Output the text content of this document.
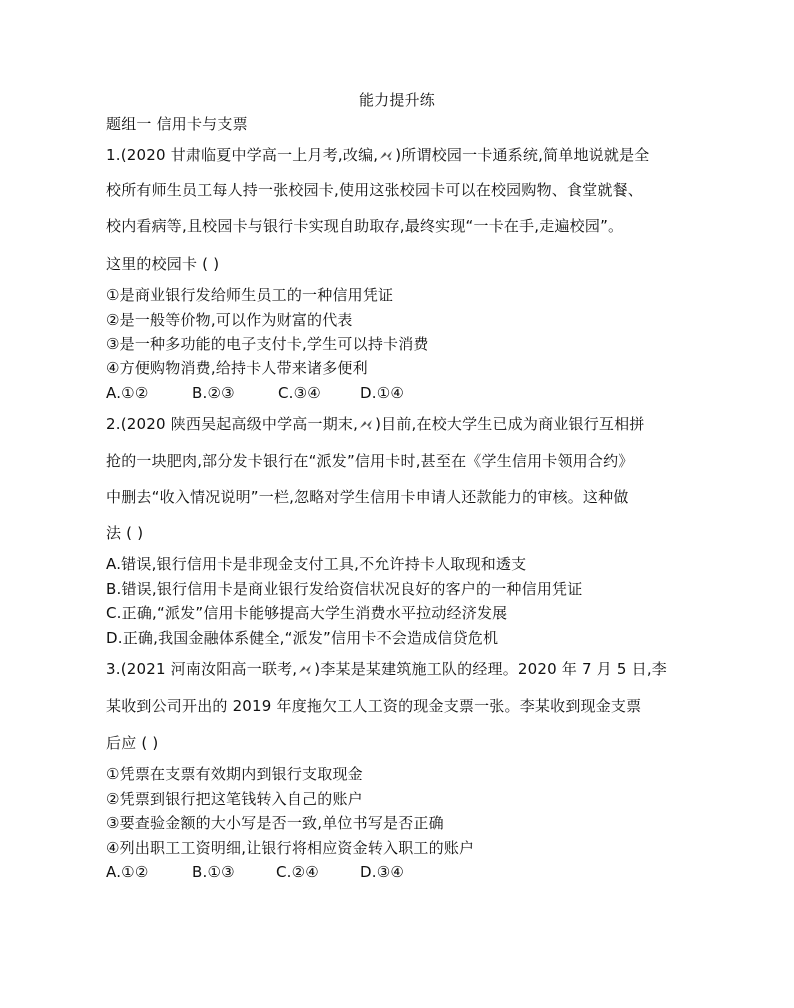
能力提升练
题组一 信用卡与支票
1.(2020 甘肃临夏中学高一上月考,改编, )所谓校园一卡通系统,简单地说就是全
校所有师生员工每人持一张校园卡,使用这张校园卡可以在校园购物、食堂就餐、
校内看病等,且校园卡与银行卡实现自助取存,最终实现“一卡在手,走遍校园”。
这里的校园卡 ( )
①是商业银行发给师生员工的一种信用凭证
②是一般等价物,可以作为财富的代表
③是一种多功能的电子支付卡,学生可以持卡消费
④方便购物消费,给持卡人带来诸多便利
A.①②	B.②③	C.③④	D.①④
2.(2020 陕西吴起高级中学高一期末, )目前,在校大学生已成为商业银行互相拼
抢的一块肥肉,部分发卡银行在“派发”信用卡时,甚至在《学生信用卡领用合约》
中删去“收入情况说明”一栏,忽略对学生信用卡申请人还款能力的审核。这种做
法 ( )
A.错误,银行信用卡是非现金支付工具,不允许持卡人取现和透支
B.错误,银行信用卡是商业银行发给资信状况良好的客户的一种信用凭证
C.正确,“派发”信用卡能够提高大学生消费水平拉动经济发展
D.正确,我国金融体系健全,“派发”信用卡不会造成信贷危机
3.(2021 河南汝阳高一联考, )李某是某建筑施工队的经理。2020 年 7 月 5 日,李
某收到公司开出的 2019 年度拖欠工人工资的现金支票一张。李某收到现金支票
后应 ( )
①凭票在支票有效期内到银行支取现金
②凭票到银行把这笔钱转入自己的账户
③要查验金额的大小写是否一致,单位书写是否正确
④列出职工工资明细,让银行将相应资金转入职工的账户
A.①②	B.①③	C.②④	D.③④
